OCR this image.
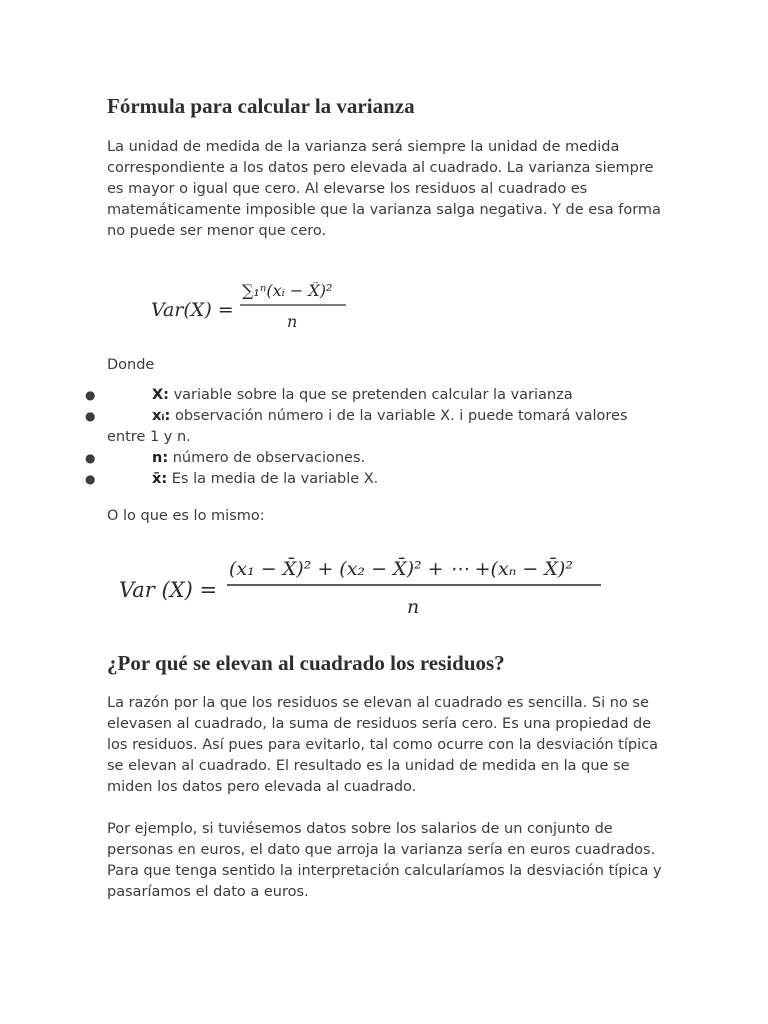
Fórmula para calcular la varianza

La unidad de medida de la varianza será siempre la unidad de medida correspondiente a los datos pero elevada al cuadrado. La varianza siempre es mayor o igual que cero. Al elevarse los residuos al cuadrado es matemáticamente imposible que la varianza salga negativa. Y de esa forma no puede ser menor que cero.

Var(X) =
∑₁ⁿ(xᵢ − X̄)²
n

Donde

●	X: variable sobre la que se pretenden calcular la varianza
●	xᵢ: observación número i de la variable X. i puede tomará valores entre 1 y n.
●	n: número de observaciones.
●	x̄: Es la media de la variable X.

O lo que es lo mismo:

Var (X) =
(x₁ − X̄)² + (x₂ − X̄)² + ⋯ +(xₙ − X̄)²
n
¿Por qué se elevan al cuadrado los residuos?

La razón por la que los residuos se elevan al cuadrado es sencilla. Si no se elevasen al cuadrado, la suma de residuos sería cero. Es una propiedad de los residuos. Así pues para evitarlo, tal como ocurre con la desviación típica se elevan al cuadrado. El resultado es la unidad de medida en la que se miden los datos pero elevada al cuadrado.

Por ejemplo, si tuviésemos datos sobre los salarios de un conjunto de personas en euros, el dato que arroja la varianza sería en euros cuadrados. Para que tenga sentido la interpretación calcularíamos la desviación típica y pasaríamos el dato a euros.
